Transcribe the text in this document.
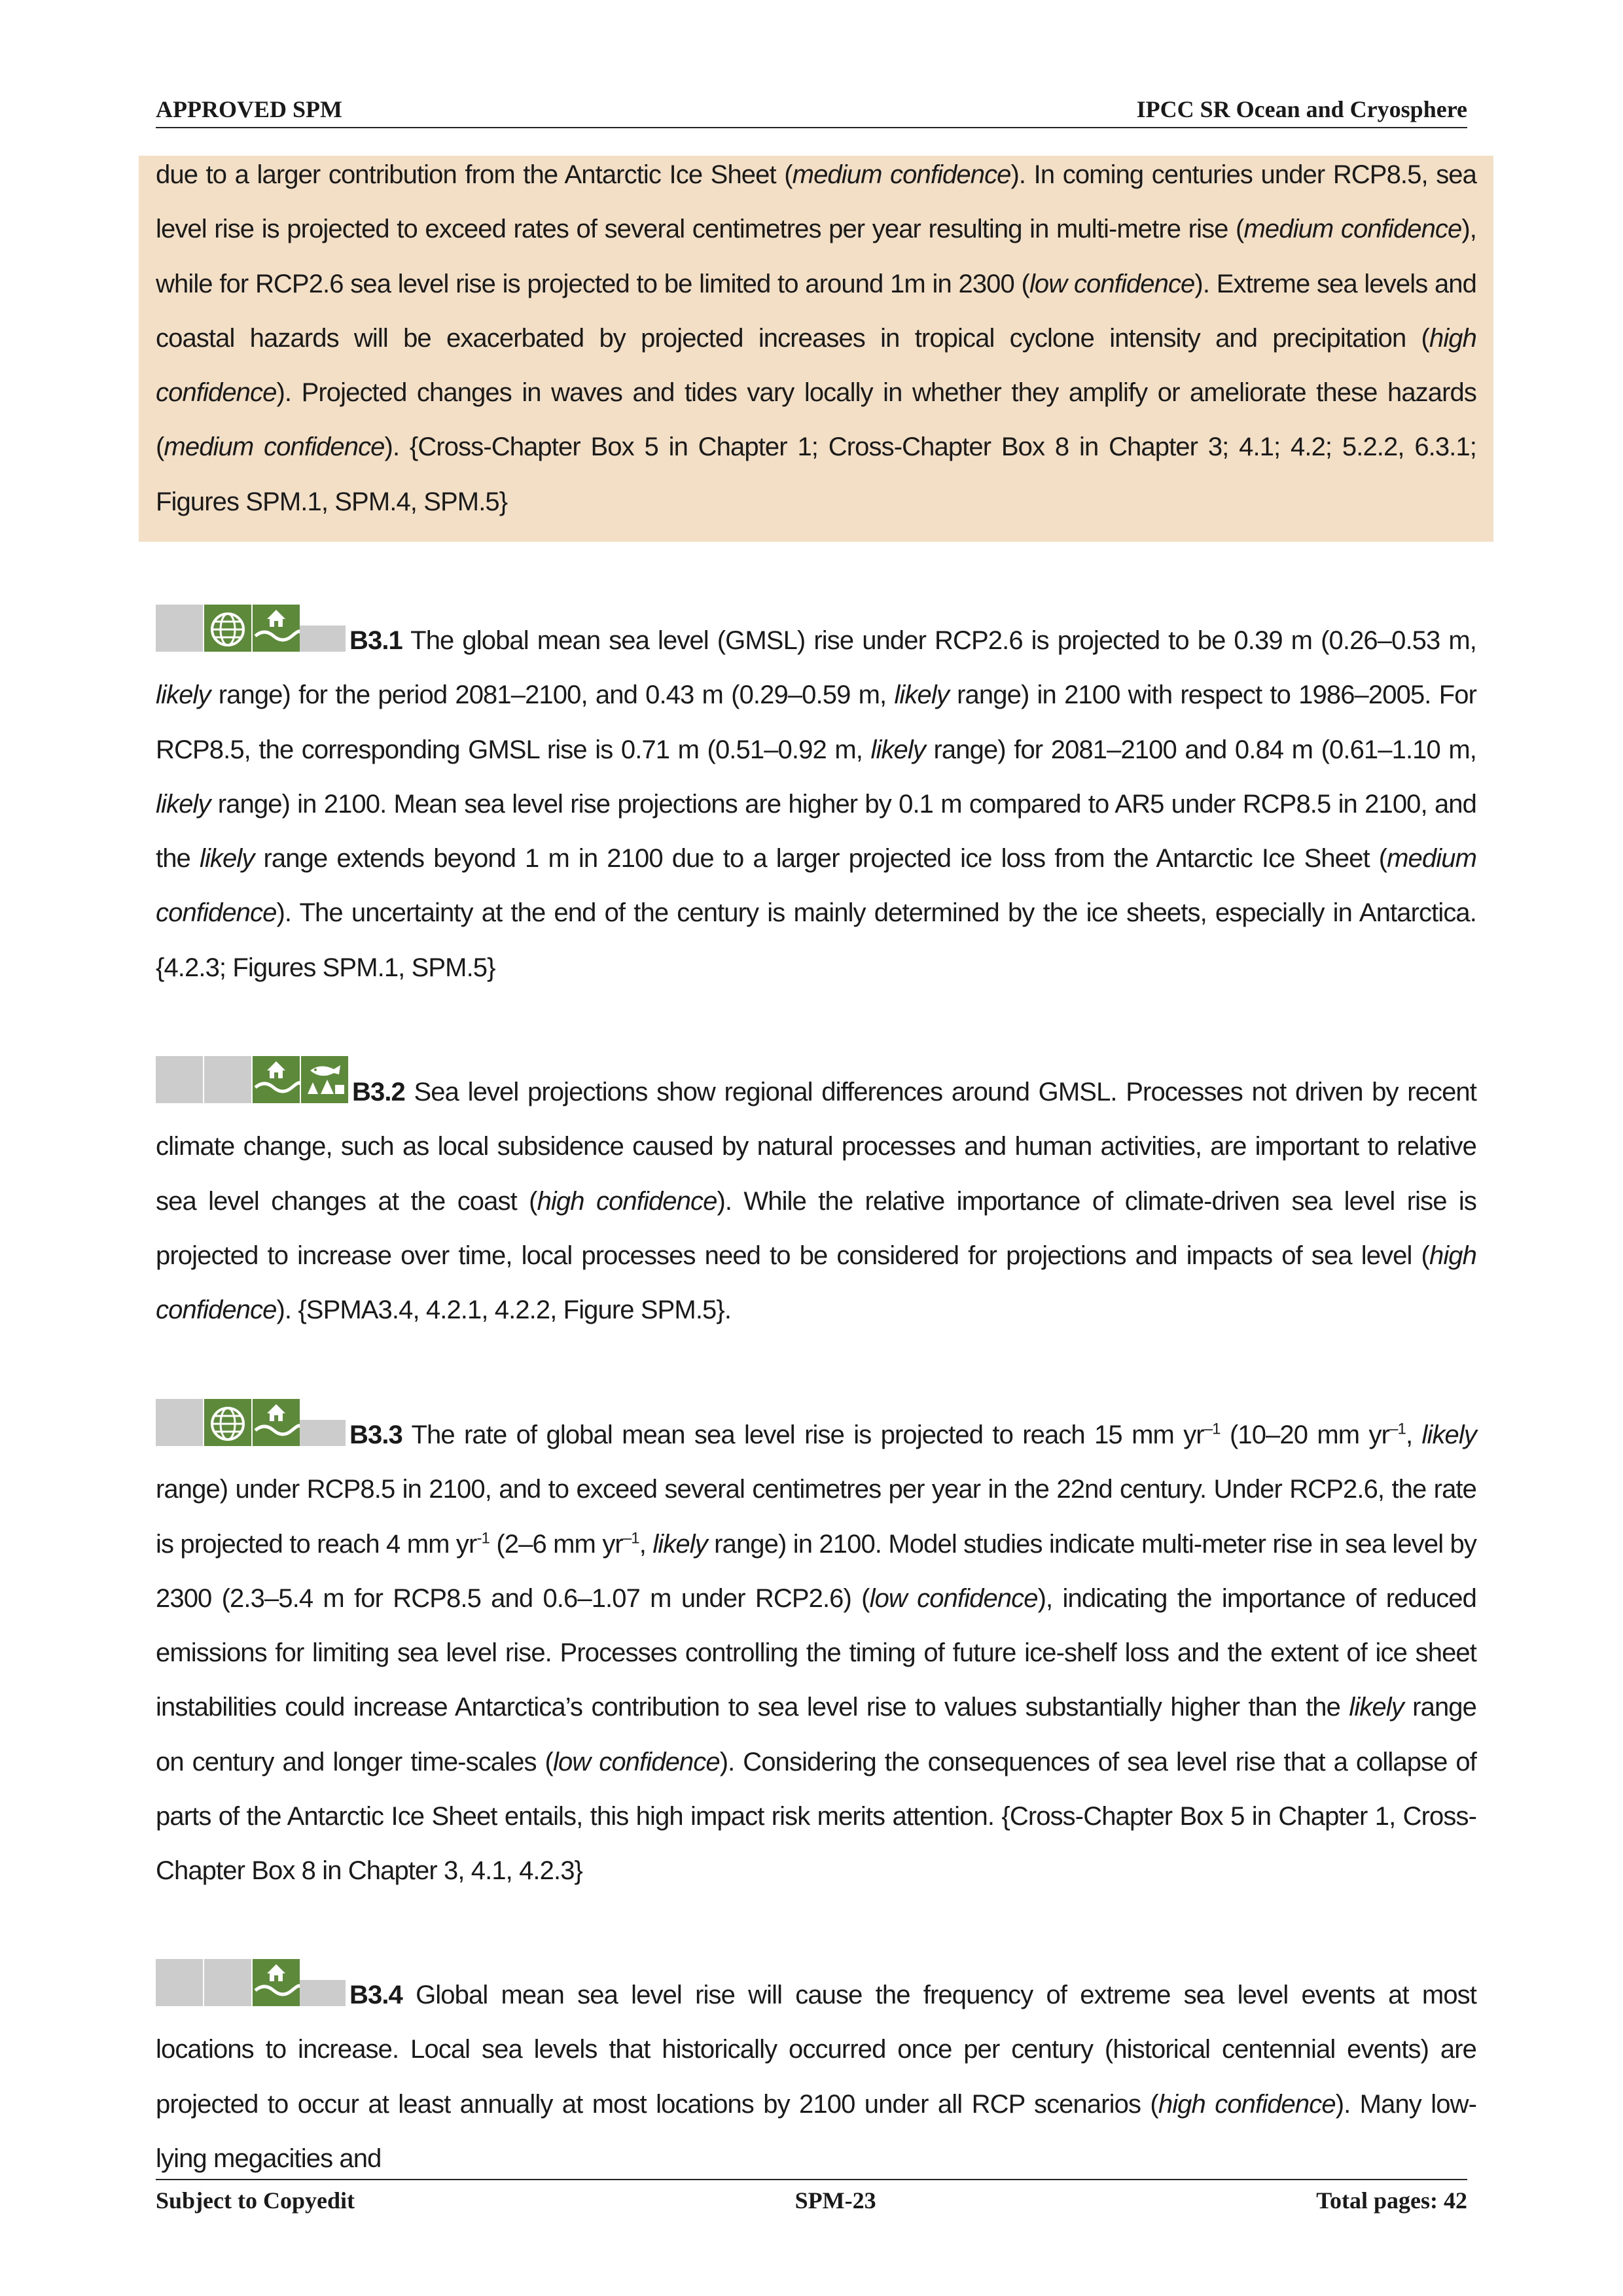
APPROVED SPM	IPCC SR Ocean and Cryosphere
due to a larger contribution from the Antarctic Ice Sheet (medium confidence). In coming centuries under RCP8.5, sea level rise is projected to exceed rates of several centimetres per year resulting in multi-metre rise (medium confidence), while for RCP2.6 sea level rise is projected to be limited to around 1m in 2300 (low confidence). Extreme sea levels and coastal hazards will be exacerbated by projected increases in tropical cyclone intensity and precipitation (high confidence). Projected changes in waves and tides vary locally in whether they amplify or ameliorate these hazards (medium confidence). {Cross-Chapter Box 5 in Chapter 1; Cross-Chapter Box 8 in Chapter 3; 4.1; 4.2; 5.2.2, 6.3.1; Figures SPM.1, SPM.4, SPM.5}
B3.1 The global mean sea level (GMSL) rise under RCP2.6 is projected to be 0.39 m (0.26–0.53 m, likely range) for the period 2081–2100, and 0.43 m (0.29–0.59 m, likely range) in 2100 with respect to 1986–2005. For RCP8.5, the corresponding GMSL rise is 0.71 m (0.51–0.92 m, likely range) for 2081–2100 and 0.84 m (0.61–1.10 m, likely range) in 2100. Mean sea level rise projections are higher by 0.1 m compared to AR5 under RCP8.5 in 2100, and the likely range extends beyond 1 m in 2100 due to a larger projected ice loss from the Antarctic Ice Sheet (medium confidence). The uncertainty at the end of the century is mainly determined by the ice sheets, especially in Antarctica. {4.2.3; Figures SPM.1, SPM.5}
B3.2 Sea level projections show regional differences around GMSL. Processes not driven by recent climate change, such as local subsidence caused by natural processes and human activities, are important to relative sea level changes at the coast (high confidence). While the relative importance of climate-driven sea level rise is projected to increase over time, local processes need to be considered for projections and impacts of sea level (high confidence). {SPMA3.4, 4.2.1, 4.2.2, Figure SPM.5}.
B3.3 The rate of global mean sea level rise is projected to reach 15 mm $yr^{-1}$ (10–20 mm $yr^{-1}$, likely range) under RCP8.5 in 2100, and to exceed several centimetres per year in the 22nd century. Under RCP2.6, the rate is projected to reach 4 mm $yr^{-1}$ (2–6 mm $yr^{-1}$, likely range) in 2100. Model studies indicate multi-meter rise in sea level by 2300 (2.3–5.4 m for RCP8.5 and 0.6–1.07 m under RCP2.6) (low confidence), indicating the importance of reduced emissions for limiting sea level rise. Processes controlling the timing of future ice-shelf loss and the extent of ice sheet instabilities could increase Antarctica’s contribution to sea level rise to values substantially higher than the likely range on century and longer time-scales (low confidence). Considering the consequences of sea level rise that a collapse of parts of the Antarctic Ice Sheet entails, this high impact risk merits attention. {Cross-Chapter Box 5 in Chapter 1, Cross-Chapter Box 8 in Chapter 3, 4.1, 4.2.3}
B3.4 Global mean sea level rise will cause the frequency of extreme sea level events at most locations to increase. Local sea levels that historically occurred once per century (historical centennial events) are projected to occur at least annually at most locations by 2100 under all RCP scenarios (high confidence). Many low-lying megacities and
Subject to Copyedit	SPM-23	Total pages: 42
